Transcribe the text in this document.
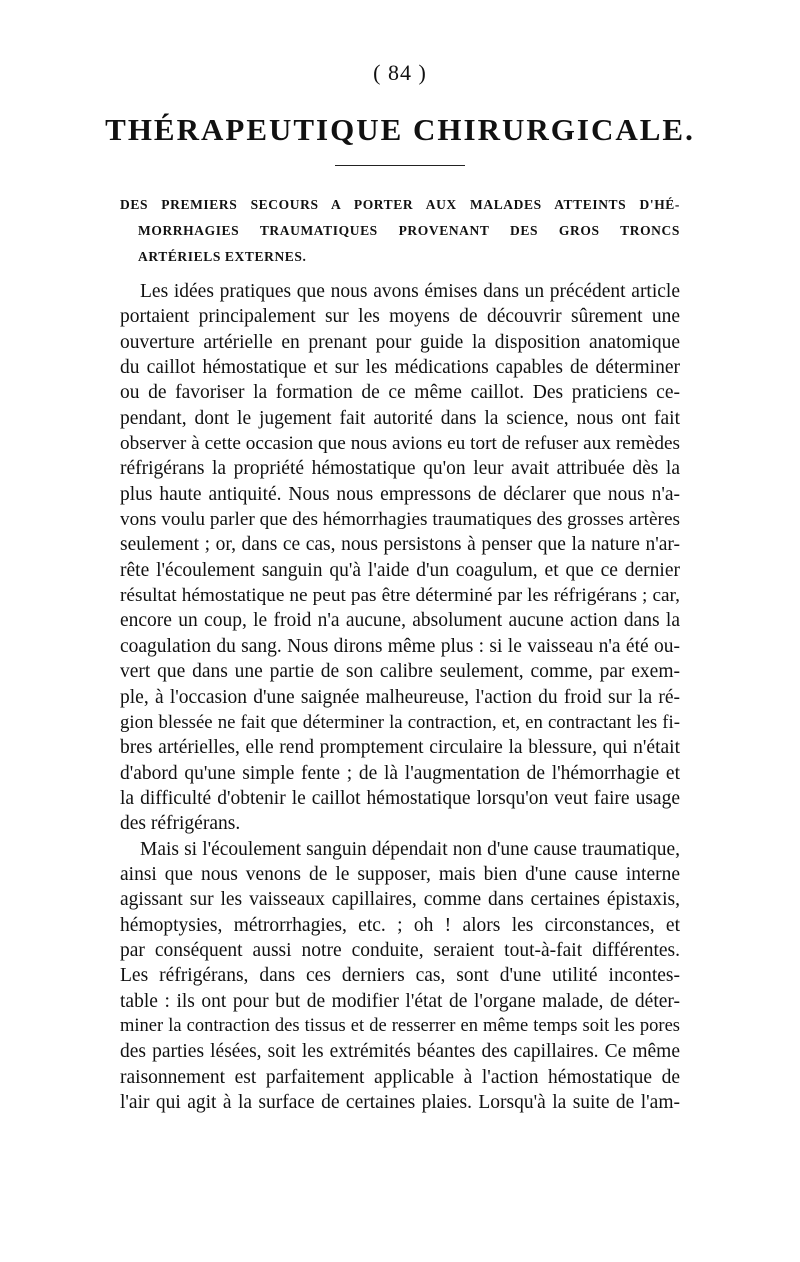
( 84 )
THÉRAPEUTIQUE CHIRURGICALE.
DES PREMIERS SECOURS A PORTER AUX MALADES ATTEINTS D'HÉ-
MORRHAGIES TRAUMATIQUES PROVENANT DES GROS TRONCS
ARTÉRIELS EXTERNES.
Les idées pratiques que nous avons émises dans un précédent article
portaient principalement sur les moyens de découvrir sûrement une
ouverture artérielle en prenant pour guide la disposition anatomique
du caillot hémostatique et sur les médications capables de déterminer
ou de favoriser la formation de ce même caillot. Des praticiens ce-
pendant, dont le jugement fait autorité dans la science, nous ont fait
observer à cette occasion que nous avions eu tort de refuser aux remèdes
réfrigérans la propriété hémostatique qu'on leur avait attribuée dès la
plus haute antiquité. Nous nous empressons de déclarer que nous n'a-
vons voulu parler que des hémorrhagies traumatiques des grosses artères
seulement ; or, dans ce cas, nous persistons à penser que la nature n'ar-
rête l'écoulement sanguin qu'à l'aide d'un coagulum, et que ce dernier
résultat hémostatique ne peut pas être déterminé par les réfrigérans ; car,
encore un coup, le froid n'a aucune, absolument aucune action dans la
coagulation du sang. Nous dirons même plus : si le vaisseau n'a été ou-
vert que dans une partie de son calibre seulement, comme, par exem-
ple, à l'occasion d'une saignée malheureuse, l'action du froid sur la ré-
gion blessée ne fait que déterminer la contraction, et, en contractant les fi-
bres artérielles, elle rend promptement circulaire la blessure, qui n'était
d'abord qu'une simple fente ; de là l'augmentation de l'hémorrhagie et
la difficulté d'obtenir le caillot hémostatique lorsqu'on veut faire usage
des réfrigérans.
Mais si l'écoulement sanguin dépendait non d'une cause traumatique,
ainsi que nous venons de le supposer, mais bien d'une cause interne
agissant sur les vaisseaux capillaires, comme dans certaines épistaxis,
hémoptysies, métrorrhagies, etc. ; oh ! alors les circonstances, et
par conséquent aussi notre conduite, seraient tout-à-fait différentes.
Les réfrigérans, dans ces derniers cas, sont d'une utilité incontes-
table : ils ont pour but de modifier l'état de l'organe malade, de déter-
miner la contraction des tissus et de resserrer en même temps soit les pores
des parties lésées, soit les extrémités béantes des capillaires. Ce même
raisonnement est parfaitement applicable à l'action hémostatique de
l'air qui agit à la surface de certaines plaies. Lorsqu'à la suite de l'am-
